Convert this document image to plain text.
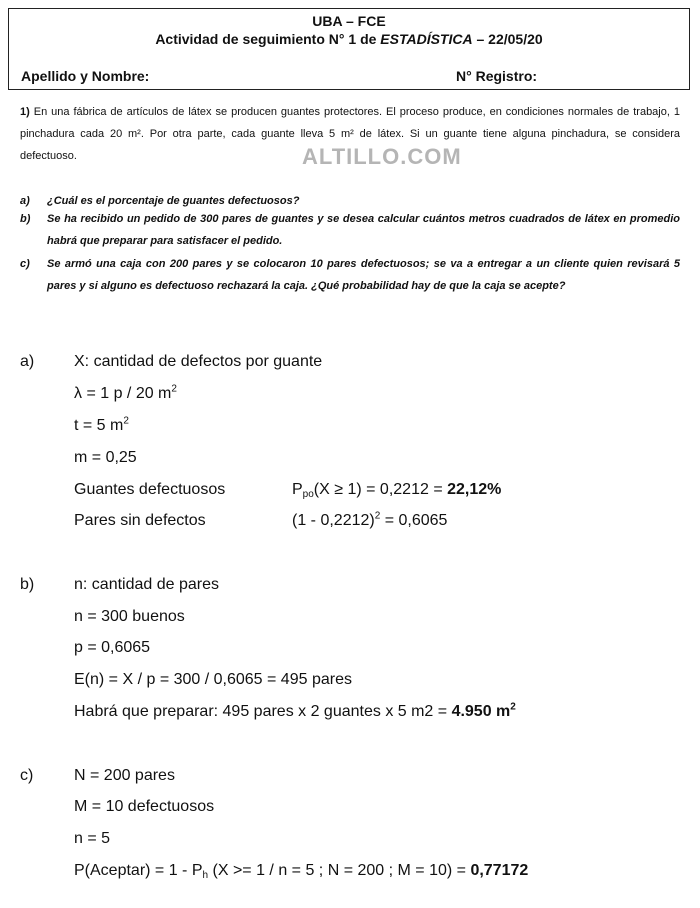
UBA – FCE
Actividad de seguimiento N° 1 de ESTADÍSTICA – 22/05/20
Apellido y Nombre:	N° Registro:
1) En una fábrica de artículos de látex se producen guantes protectores. El proceso produce, en condiciones normales de trabajo, 1 pinchadura cada 20 m². Por otra parte, cada guante lleva 5 m² de látex. Si un guante tiene alguna pinchadura, se considera defectuoso.	ALTILLO.COM
a) ¿Cuál es el porcentaje de guantes defectuosos?
b) Se ha recibido un pedido de 300 pares de guantes y se desea calcular cuántos metros cuadrados de látex en promedio habrá que preparar para satisfacer el pedido.
c) Se armó una caja con 200 pares y se colocaron 10 pares defectuosos; se va a entregar a un cliente quien revisará 5 pares y si alguno es defectuoso rechazará la caja. ¿Qué probabilidad hay de que la caja se acepte?
a) X: cantidad de defectos por guante
λ = 1 p / 20 $m^2$
t = 5 $m^2$
m = 0,25
Guantes defectuosos	$P_{po}(X \ge 1) = 0,2212 = 22,12\%$
Pares sin defectos	(1 - 0,2212)$^2$ = 0,6065
b) n: cantidad de pares
n = 300 buenos
p = 0,6065
E(n) = X / p = 300 / 0,6065 = 495 pares
Habrá que preparar: 495 pares x 2 guantes x 5 m2 = 4.950 $m^2$
c)	N = 200 pares
M = 10 defectuosos
n = 5
P(Aceptar) = $1 - P_h$ (X >= 1 / n = 5 ; N = 200 ; M = 10) = 0,77172
